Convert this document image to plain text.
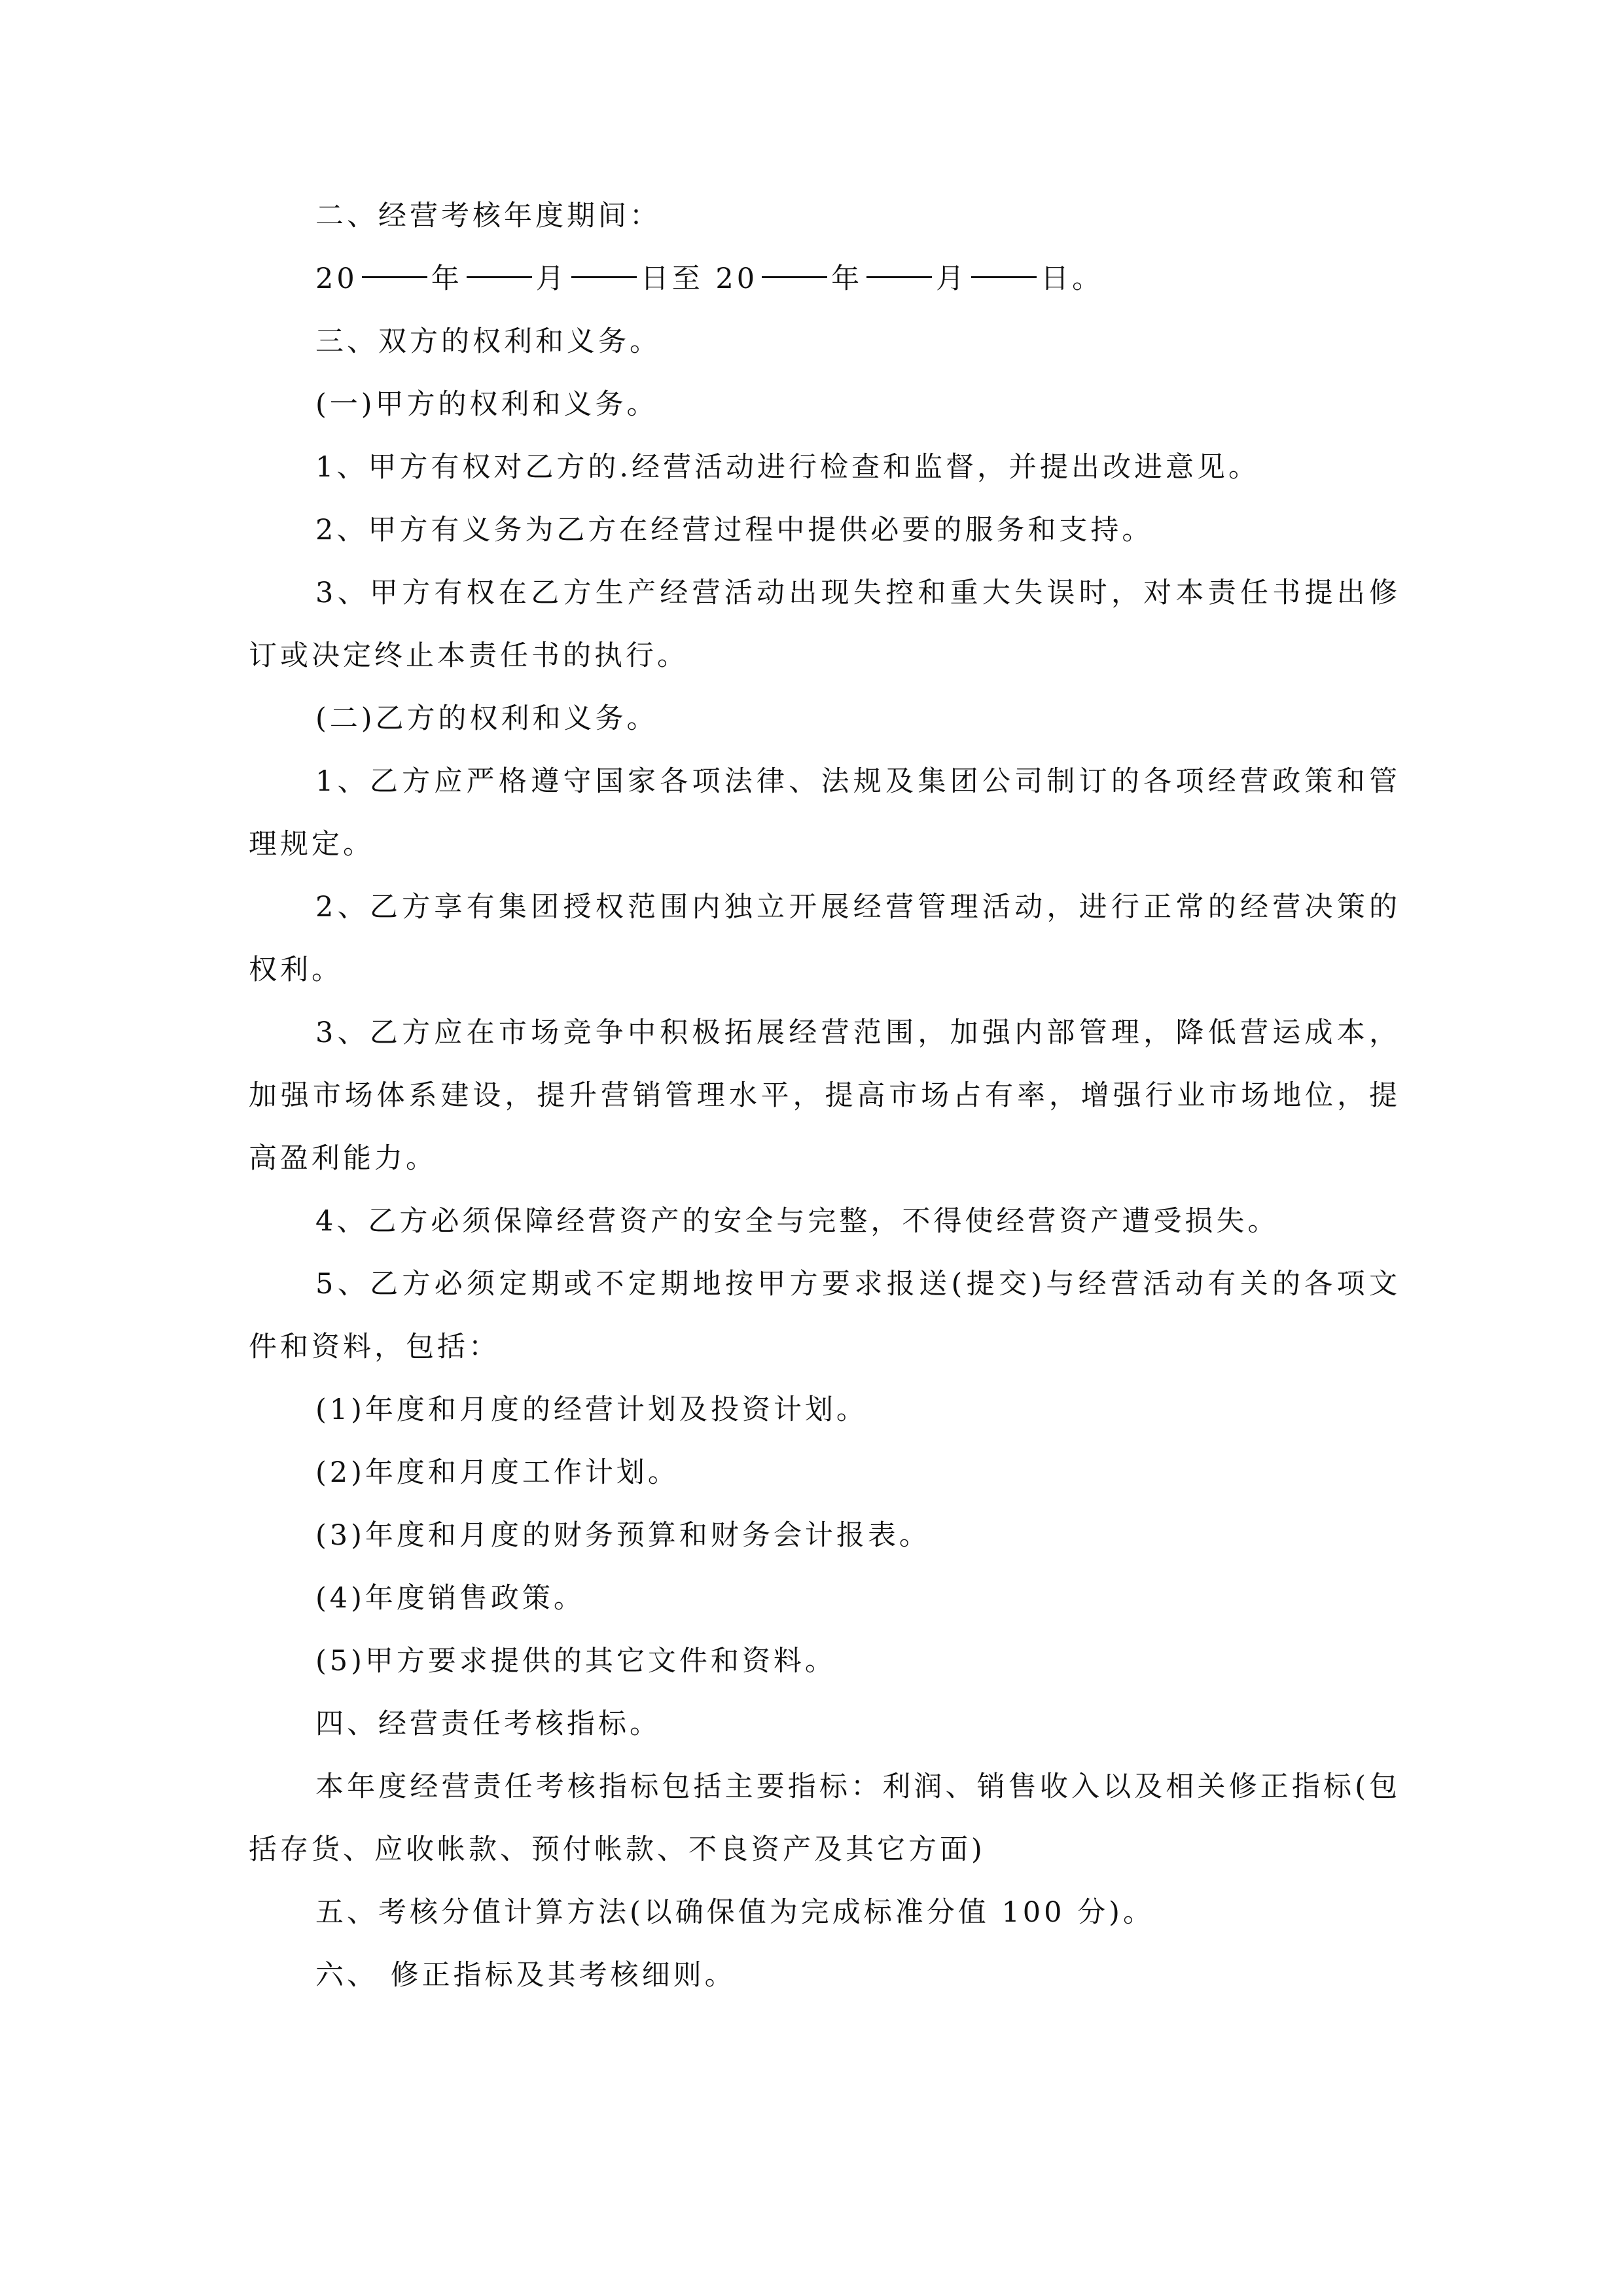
二、经营考核年度期间：

20	年	月	日至 20	年	月	日。

三、双方的权利和义务。

(一)甲方的权利和义务。

1、甲方有权对乙方的.经营活动进行检查和监督，并提出改进意见。

2、甲方有义务为乙方在经营过程中提供必要的服务和支持。

3、甲方有权在乙方生产经营活动出现失控和重大失误时，对本责任书提出修订或决定终止本责任书的执行。

(二)乙方的权利和义务。

1、乙方应严格遵守国家各项法律、法规及集团公司制订的各项经营政策和管理规定。

2、乙方享有集团授权范围内独立开展经营管理活动，进行正常的经营决策的权利。

3、乙方应在市场竞争中积极拓展经营范围，加强内部管理，降低营运成本，加强市场体系建设，提升营销管理水平，提高市场占有率，增强行业市场地位，提高盈利能力。

4、乙方必须保障经营资产的安全与完整，不得使经营资产遭受损失。

5、乙方必须定期或不定期地按甲方要求报送(提交)与经营活动有关的各项文件和资料，包括：

(1)年度和月度的经营计划及投资计划。

(2)年度和月度工作计划。

(3)年度和月度的财务预算和财务会计报表。

(4)年度销售政策。

(5)甲方要求提供的其它文件和资料。

四、经营责任考核指标。

本年度经营责任考核指标包括主要指标：利润、销售收入以及相关修正指标(包括存货、应收帐款、预付帐款、不良资产及其它方面)

五、考核分值计算方法(以确保值为完成标准分值 100 分)。

六、 修正指标及其考核细则。
